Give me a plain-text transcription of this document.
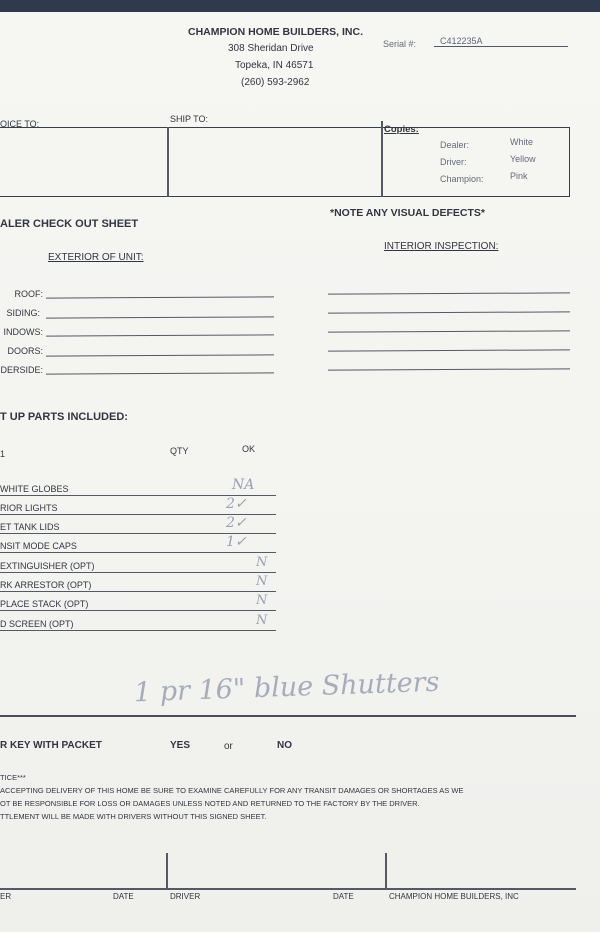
CHAMPION HOME BUILDERS, INC.
308 Sheridan Drive
Topeka, IN 46571
(260) 593-2962
Serial #:	C412235A
OICE TO:	SHIP TO:
Copies:
Dealer:	White
Driver:	Yellow
Champion:	Pink
ALER CHECK OUT SHEET
*NOTE ANY VISUAL DEFECTS*
EXTERIOR OF UNIT:
INTERIOR INSPECTION:
ROOF:
SIDING:
INDOWS:
DOORS:
DERSIDE:
T UP PARTS INCLUDED:
1	QTY	OK
WHITE GLOBES	NA
RIOR LIGHTS	2✓
ET TANK LIDS	2✓
NSIT MODE CAPS	1✓
EXTINGUISHER (OPT)	N
RK ARRESTOR (OPT)	N
PLACE STACK (OPT)	N
D SCREEN (OPT)	N
1 pr 16" blue Shutters
R KEY WITH PACKET	YES	or	NO
TICE***
ACCEPTING DELIVERY OF THIS HOME BE SURE TO EXAMINE CAREFULLY FOR ANY TRANSIT DAMAGES OR SHORTAGES AS WE
OT BE RESPONSIBLE FOR LOSS OR DAMAGES UNLESS NOTED AND RETURNED TO THE FACTORY BY THE DRIVER.
TTLEMENT WILL BE MADE WITH DRIVERS WITHOUT THIS SIGNED SHEET.
ER	DATE	DRIVER	DATE	CHAMPION HOME BUILDERS, INC
